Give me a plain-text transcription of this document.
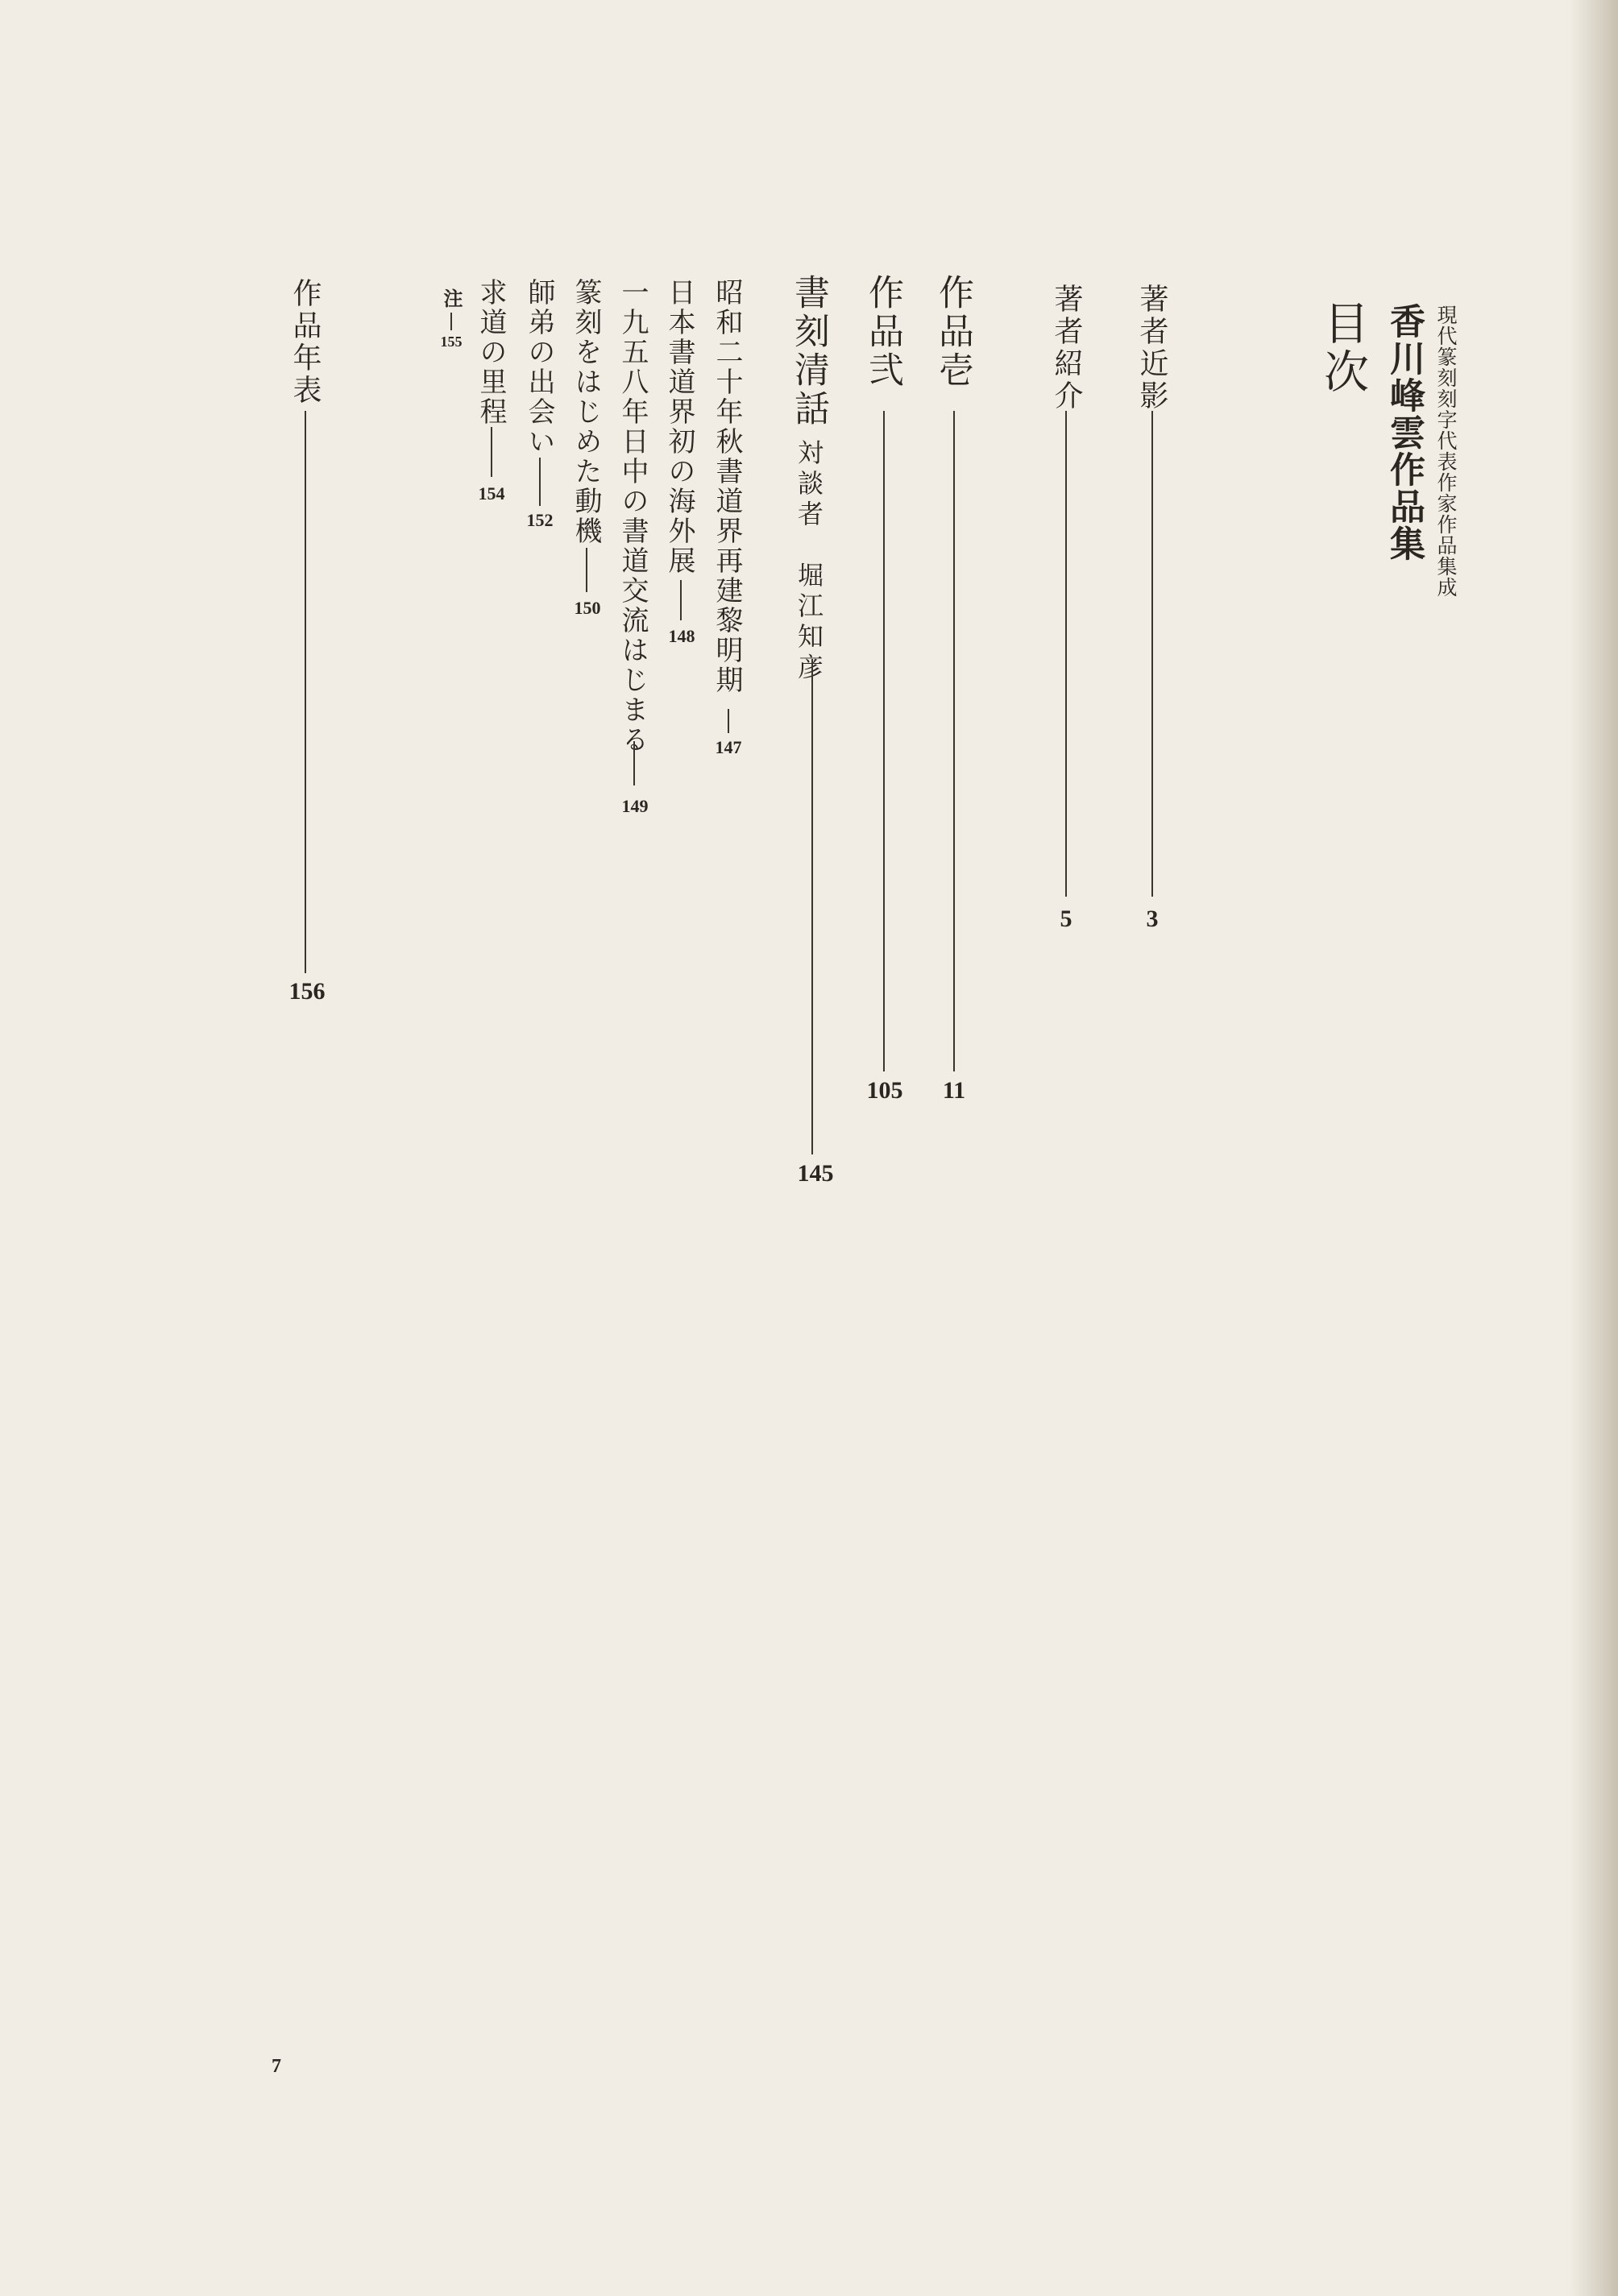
現代篆刻刻字代表作家作品集成
香川峰雲作品集
目次
著者近影
3
著者紹介
5
作品壱
11
作品弐
105
書刻清話
対談者　堀江知彦
145
昭和二十年秋書道界再建黎明期
147
日本書道界初の海外展
148
一九五八年日中の書道交流はじまる
149
篆刻をはじめた動機
150
師弟の出会い
152
求道の里程
154
注
155
作品年表
156
7
